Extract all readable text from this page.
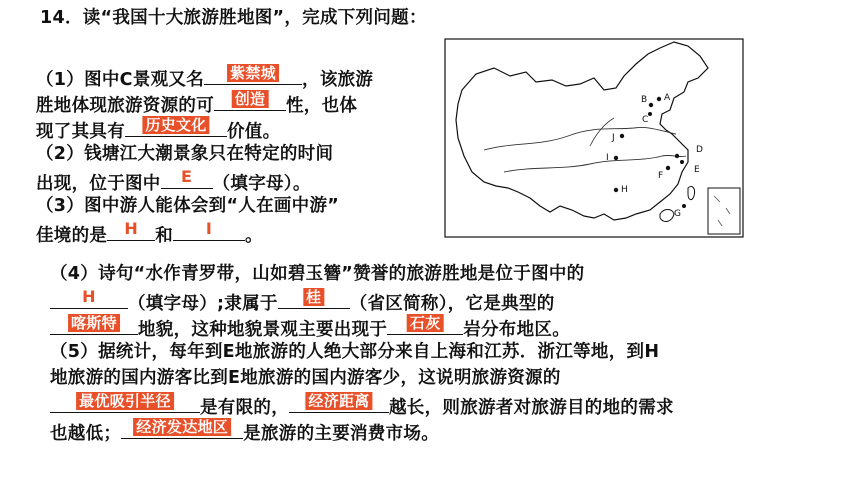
14．读“我国十大旅游胜地图”，完成下列问题：
（1）图中C景观又名 紫禁城 ，该旅游
胜地体现旅游资源的可 创造 性，也体
现了其具有 历史文化 价值。
（2）钱塘江大潮景象只在特定的时间
出现，位于图中 E （填字母）。
（3）图中游人能体会到“人在画中游”
佳境的是 H 和 I 。
A
B
C
D
E
F
G
H
I
J
（4）诗句“水作青罗带，山如碧玉簪”赞誉的旅游胜地是位于图中的
H （填字母）;隶属于 桂 （省区简称），它是典型的
喀斯特 地貌，这种地貌景观主要出现于 石灰 岩分布地区。
（5）据统计，每年到E地旅游的人绝大部分来自上海和江苏．浙江等地，到H
地旅游的国内游客比到E地旅游的国内游客少，这说明旅游资源的
最优吸引半径 是有限的， 经济距离 越长，则旅游者对旅游目的地的需求
也越低； 经济发达地区 是旅游的主要消费市场。
